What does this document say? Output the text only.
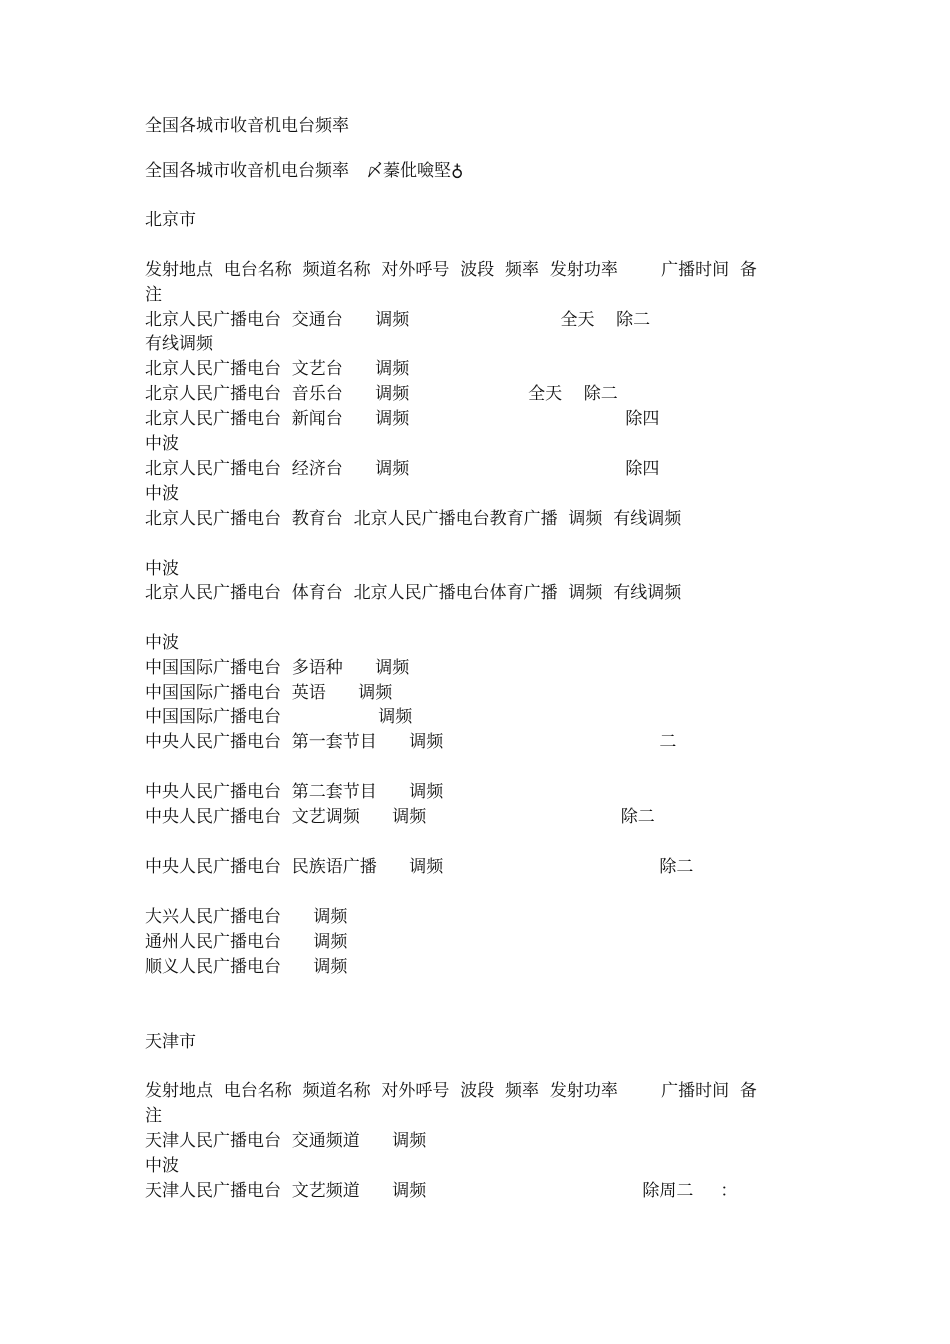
全国各城市收音机电台频率
全国各城市收音机电台频率　〆蓁仳噞堅♁
北京市
发射地点  电台名称  频道名称  对外呼号  波段  频率  发射功率        广播时间  备
注
北京人民广播电台  交通台      调频                            全天    除二
有线调频
北京人民广播电台  文艺台      调频
北京人民广播电台  音乐台      调频                      全天    除二
北京人民广播电台  新闻台      调频                                        除四
中波
北京人民广播电台  经济台      调频                                        除四
中波
北京人民广播电台  教育台  北京人民广播电台教育广播  调频  有线调频
中波
北京人民广播电台  体育台  北京人民广播电台体育广播  调频  有线调频
中波
中国国际广播电台  多语种      调频
中国国际广播电台  英语      调频
中国国际广播电台                  调频
中央人民广播电台  第一套节目      调频                                        二
中央人民广播电台  第二套节目      调频
中央人民广播电台  文艺调频      调频                                    除二
中央人民广播电台  民族语广播      调频                                        除二
大兴人民广播电台      调频
通州人民广播电台      调频
顺义人民广播电台      调频
天津市
发射地点  电台名称  频道名称  对外呼号  波段  频率  发射功率        广播时间  备
注
天津人民广播电台  交通频道      调频
中波
天津人民广播电台  文艺频道      调频                                        除周二     ：
